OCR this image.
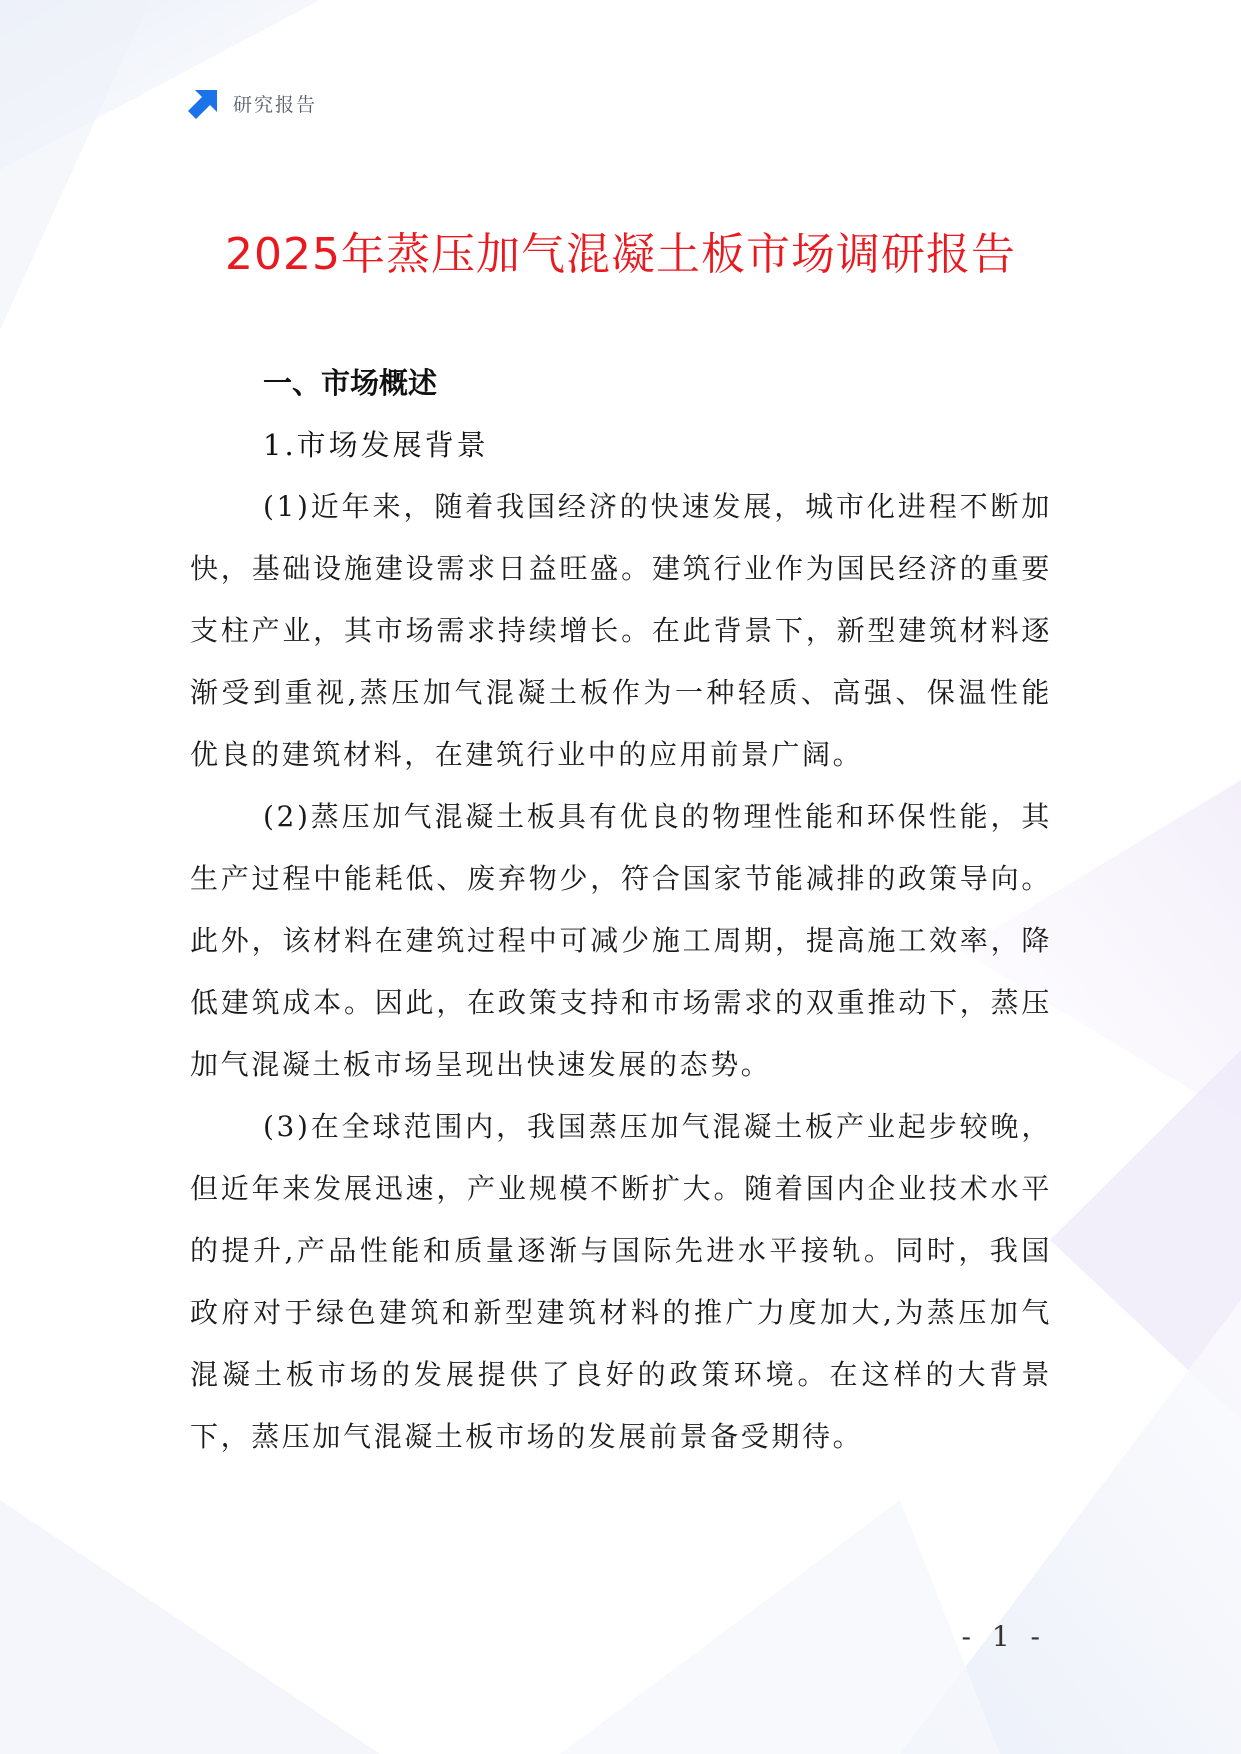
研究报告
2025年蒸压加气混凝土板市场调研报告
一、市场概述
1.市场发展背景

(1)近年来，随着我国经济的快速发展，城市化进程不断加快，基础设施建设需求日益旺盛。建筑行业作为国民经济的重要支柱产业，其市场需求持续增长。在此背景下，新型建筑材料逐渐受到重视,蒸压加气混凝土板作为一种轻质、高强、保温性能优良的建筑材料，在建筑行业中的应用前景广阔。

(2)蒸压加气混凝土板具有优良的物理性能和环保性能，其生产过程中能耗低、废弃物少，符合国家节能减排的政策导向。此外，该材料在建筑过程中可减少施工周期，提高施工效率，降低建筑成本。因此，在政策支持和市场需求的双重推动下，蒸压加气混凝土板市场呈现出快速发展的态势。

(3)在全球范围内，我国蒸压加气混凝土板产业起步较晚，但近年来发展迅速，产业规模不断扩大。随着国内企业技术水平的提升,产品性能和质量逐渐与国际先进水平接轨。同时，我国政府对于绿色建筑和新型建筑材料的推广力度加大,为蒸压加气混凝土板市场的发展提供了良好的政策环境。在这样的大背景下，蒸压加气混凝土板市场的发展前景备受期待。

- 1 -
